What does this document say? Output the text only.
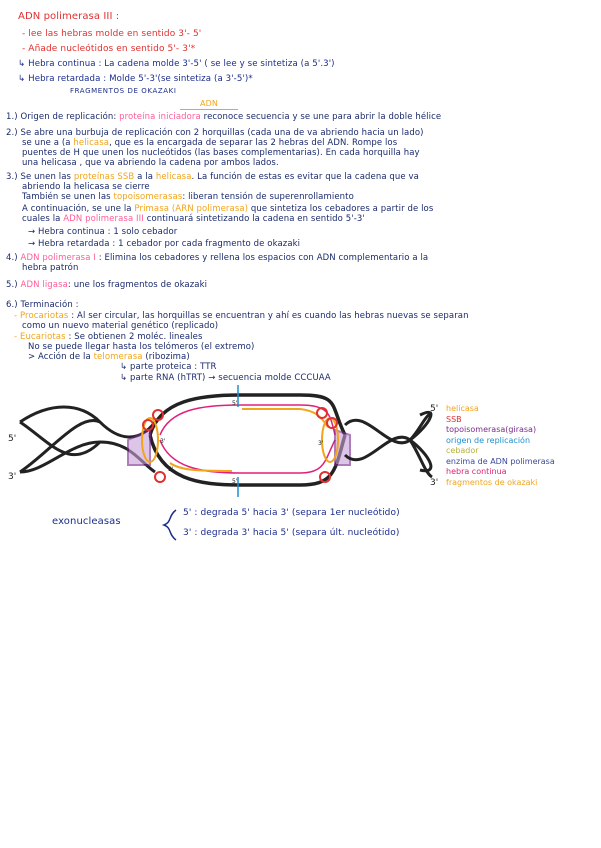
ADN polimerasa III :
- lee las hebras molde en sentido 3'- 5'
- Añade nucleótidos en sentido 5'- 3'*
↳ Hebra continua : La cadena molde 3'-5' ( se lee y se sintetiza (a 5'.3')
↳ Hebra retardada : Molde 5'-3'(se sintetiza (a 3'-5')*
FRAGMENTOS DE OKAZAKI
ADN
1.) Origen de replicación: proteína iniciadora reconoce secuencia y se une para abrir la doble hélice
2.) Se abre una burbuja de replicación con 2 horquillas (cada una de va abriendo hacia un lado)
se une a (a helicasa, que es la encargada de separar las 2 hebras del ADN. Rompe los
puentes de H que unen los nucleótidos (las bases complementarias). En cada horquilla hay
una helicasa , que va abriendo la cadena por ambos lados.
3.) Se unen las proteínas SSB a la helicasa. La función de estas es evitar que la cadena que va
abriendo la helicasa se cierre
También se unen las topoisomerasas: liberan tensión de superenrollamiento
A continuación, se une la Primasa (ARN polimerasa) que sintetiza los cebadores a partir de los
cuales la ADN polimerasa III continuará sintetizando la cadena en sentido 5'-3'
→ Hebra continua : 1 solo cebador
→ Hebra retardada : 1 cebador por cada fragmento de okazaki
4.) ADN polimerasa I : Elimina los cebadores y rellena los espacios con ADN complementario a la
hebra patrón
5.) ADN ligasa: une los fragmentos de okazaki
6.) Terminación :
- Procariotas : Al ser circular, las horquillas se encuentran y ahí es cuando las hebras nuevas se separan
como un nuevo material genético (replicado)
- Eucariotas : Se obtienen 2 moléc. lineales
No se puede llegar hasta los telómeros (el extremo)
> Acción de la telomerasa (ribozima)
↳ parte proteica : TTR
↳ parte RNA (hTRT) → secuencia molde CCCUAA
5'
3'
5'
3'
5'
3'	3'
3'
5'
helicasa
SSB
topoisomerasa(girasa)
origen de replicación
cebador
enzima de ADN polimerasa
hebra continua
fragmentos de okazaki
exonucleasas
5' : degrada 5' hacia 3' (separa 1er nucleótido)
3' : degrada 3' hacia 5' (separa últ. nucleótido)
